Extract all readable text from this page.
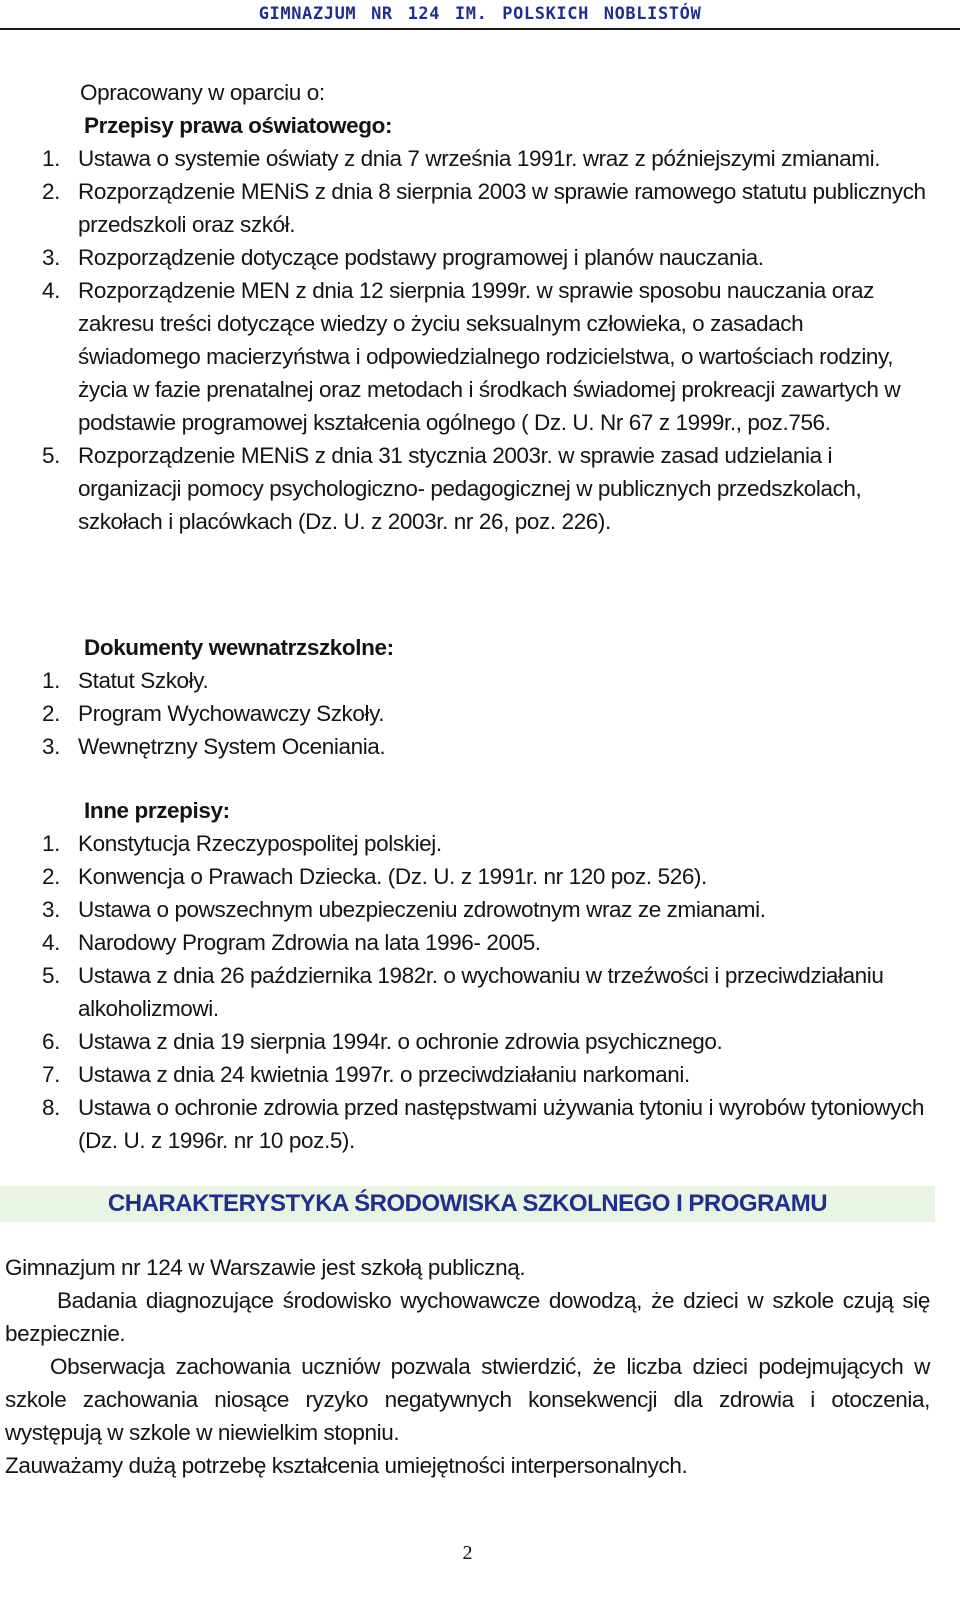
GIMNAZJUM NR 124 IM. POLSKICH NOBLISTÓW
Opracowany w oparciu o:
Przepisy prawa oświatowego:
1. Ustawa o systemie oświaty z dnia 7 września 1991r. wraz z późniejszymi zmianami.
2. Rozporządzenie MENiS z dnia 8 sierpnia 2003 w sprawie ramowego statutu publicznych przedszkoli oraz szkół.
3. Rozporządzenie dotyczące podstawy programowej i planów nauczania.
4. Rozporządzenie MEN z dnia 12 sierpnia 1999r. w sprawie sposobu nauczania oraz zakresu treści dotyczące wiedzy o życiu seksualnym człowieka, o zasadach świadomego macierzyństwa i odpowiedzialnego rodzicielstwa, o wartościach rodziny, życia w fazie prenatalnej oraz metodach i środkach świadomej prokreacji zawartych w podstawie programowej kształcenia ogólnego ( Dz. U. Nr 67 z 1999r., poz.756.
5. Rozporządzenie MENiS z dnia 31 stycznia 2003r. w sprawie zasad udzielania i organizacji pomocy psychologiczno- pedagogicznej w publicznych przedszkolach, szkołach i placówkach (Dz. U. z 2003r. nr 26, poz. 226).
Dokumenty wewnatrzszkolne:
1. Statut Szkoły.
2. Program Wychowawczy Szkoły.
3. Wewnętrzny System Oceniania.
Inne przepisy:
1. Konstytucja Rzeczypospolitej polskiej.
2. Konwencja o Prawach Dziecka. (Dz. U. z 1991r. nr 120 poz. 526).
3. Ustawa o powszechnym ubezpieczeniu zdrowotnym wraz ze zmianami.
4. Narodowy Program Zdrowia na lata 1996- 2005.
5. Ustawa z dnia 26 października 1982r. o wychowaniu w trzeźwości i przeciwdziałaniu alkoholizmowi.
6. Ustawa z dnia 19 sierpnia 1994r. o ochronie zdrowia psychicznego.
7. Ustawa z dnia 24 kwietnia 1997r. o przeciwdziałaniu narkomani.
8. Ustawa o ochronie zdrowia przed następstwami używania tytoniu i wyrobów tytoniowych (Dz. U. z 1996r. nr 10 poz.5).
CHARAKTERYSTYKA ŚRODOWISKA SZKOLNEGO I PROGRAMU
Gimnazjum nr 124 w Warszawie jest szkołą publiczną.
Badania diagnozujące środowisko wychowawcze dowodzą, że dzieci w szkole czują się bezpiecznie.
Obserwacja zachowania uczniów pozwala stwierdzić, że liczba dzieci podejmujących w szkole zachowania niosące ryzyko negatywnych konsekwencji dla zdrowia i otoczenia, występują w szkole w niewielkim stopniu.
Zauważamy dużą potrzebę kształcenia umiejętności interpersonalnych.
2
